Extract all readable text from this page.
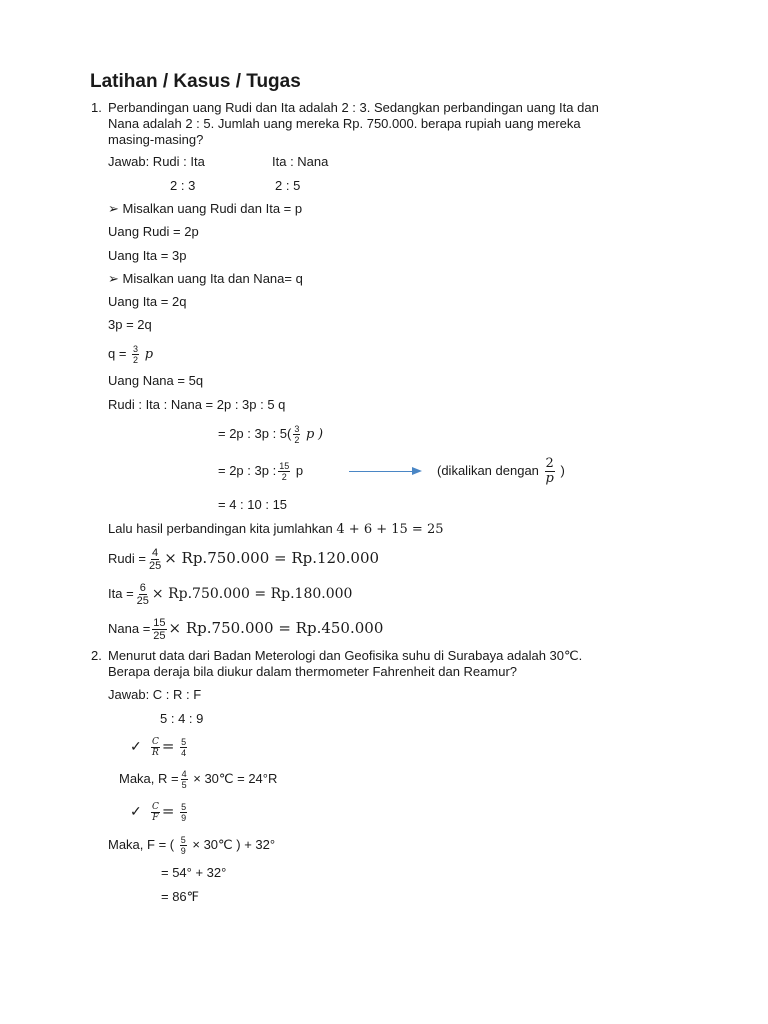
Latihan / Kasus / Tugas
1. Perbandingan uang Rudi dan Ita adalah 2 : 3. Sedangkan perbandingan uang Ita dan
Nana adalah 2 : 5. Jumlah uang mereka Rp. 750.000. berapa rupiah uang mereka
masing-masing?
Jawab: Rudi : Ita	Ita : Nana
2 : 3	2 : 5
➢ Misalkan uang Rudi dan Ita = p
Uang Rudi = 2p
Uang Ita = 3p
➢ Misalkan uang Ita dan Nana= q
Uang Ita = 2q
3p = 2q
$q = \frac{3}{2}$ p
Uang Nana = 5q
Rudi : Ita : Nana = 2p : 3p : 5 q
= 2p : 3p : $5( \frac{3}{2}$ p )
= 2p : 3p : $\frac{15}{2}$ p	(dikalikan dengan $\frac{2}{p}$ )
= 4 : 10 : 15
Lalu hasil perbandingan kita jumlahkan 4 + 6 + 15 = 25
Rudi = $\frac{4}{25} \times Rp.750.000 = Rp.120.000$
Ita = $\frac{6}{25} \times Rp.750.000 = Rp.180.000$
Nana = $\frac{15}{25} \times Rp.750.000 = Rp.450.000$
2. Menurut data dari Badan Meterologi dan Geofisika suhu di Surabaya adalah 30℃.
Berapa deraja bila diukur dalam thermometer Fahrenheit dan Reamur?
Jawab: C : R : F
5 : 4 : 9
✓ $\frac{C}{R} = \frac{5}{4}$
Maka, $R = \frac{4}{5}$ × 30℃ = 24°R
✓ $\frac{C}{F} = \frac{5}{9}$
Maka, F = ( $\frac{5}{9}$ × 30℃ ) + 32°
= 54° + 32°
= 86℉
